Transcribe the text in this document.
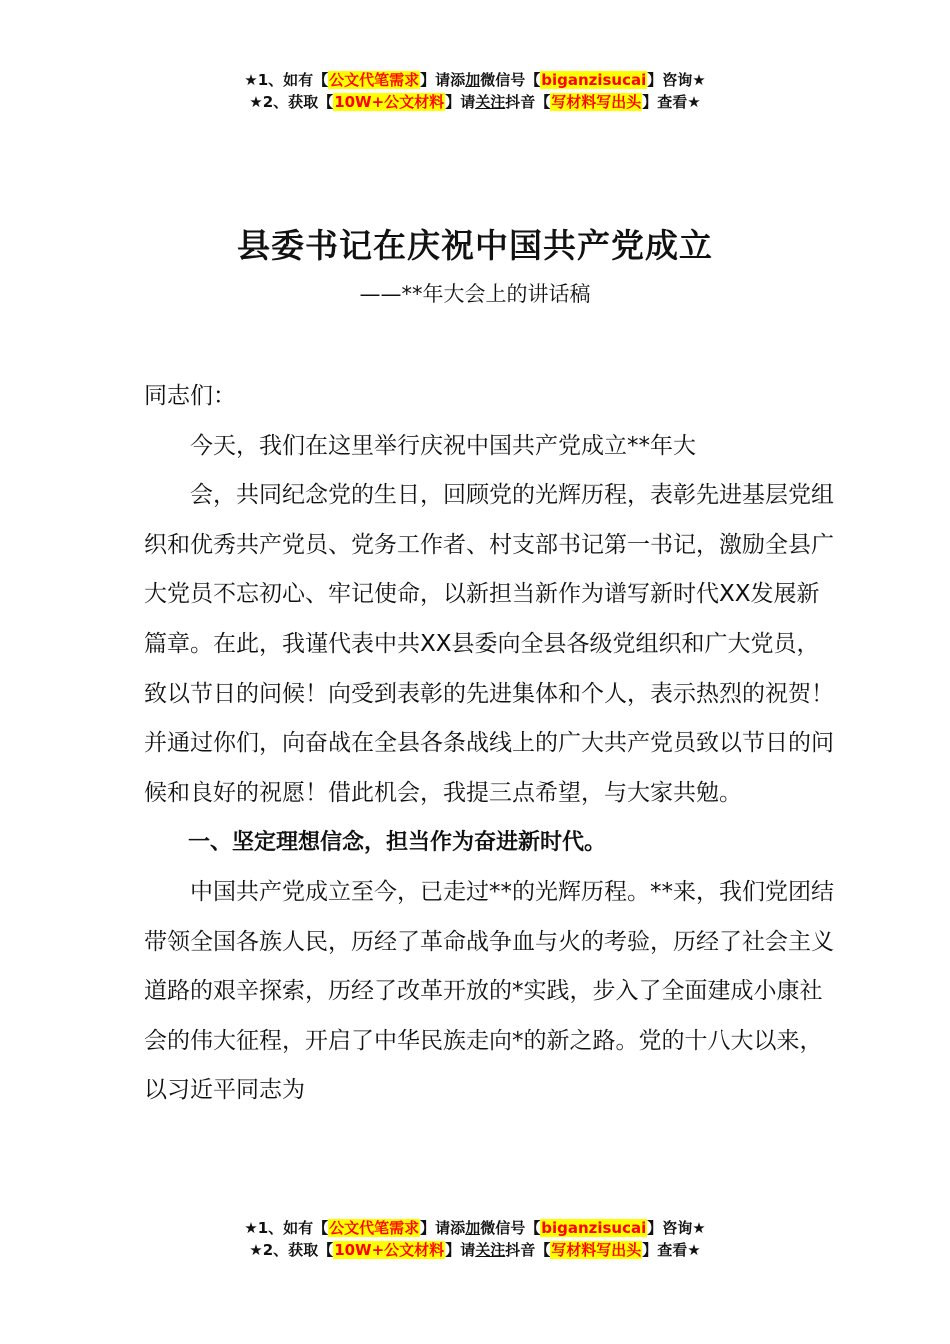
★1、如有【公文代笔需求】请添加微信号【biganzisucai】咨询★
★2、获取【10W+公文材料】请关注抖音【写材料写出头】查看★
县委书记在庆祝中国共产党成立
——**年大会上的讲话稿

同志们：

今天，我们在这里举行庆祝中国共产党成立**年大

会，共同纪念党的生日，回顾党的光辉历程，表彰先进基层党组织和优秀共产党员、党务工作者、村支部书记第一书记，激励全县广大党员不忘初心、牢记使命，以新担当新作为谱写新时代XX发展新篇章。在此，我谨代表中共XX县委向全县各级党组织和广大党员，致以节日的问候！向受到表彰的先进集体和个人，表示热烈的祝贺！并通过你们，向奋战在全县各条战线上的广大共产党员致以节日的问候和良好的祝愿！借此机会，我提三点希望，与大家共勉。

一、坚定理想信念，担当作为奋进新时代。

中国共产党成立至今，已走过**的光辉历程。**来，我们党团结带领全国各族人民，历经了革命战争血与火的考验，历经了社会主义道路的艰辛探索，历经了改革开放的*实践，步入了全面建成小康社会的伟大征程，开启了中华民族走向*的新之路。党的十八大以来，以习近平同志为

★1、如有【公文代笔需求】请添加微信号【biganzisucai】咨询★
★2、获取【10W+公文材料】请关注抖音【写材料写出头】查看★
